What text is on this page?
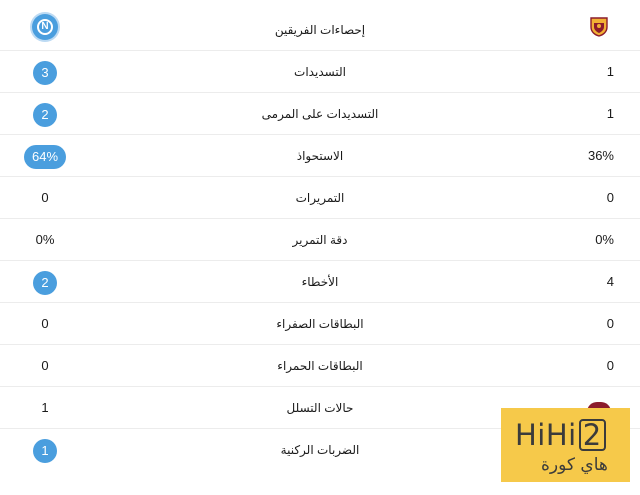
N	إحصاءات الفريقين
3	التسديدات	1
2	التسديدات على المرمى	1
64%	الاستحواذ	36%
0	التمريرات	0
0%	دقة التمرير	0%
2	الأخطاء	4
0	البطاقات الصفراء	0
0	البطاقات الحمراء	0
1	حالات التسلل
1	الضربات الركنية	HiHi 2
هاي كورة
